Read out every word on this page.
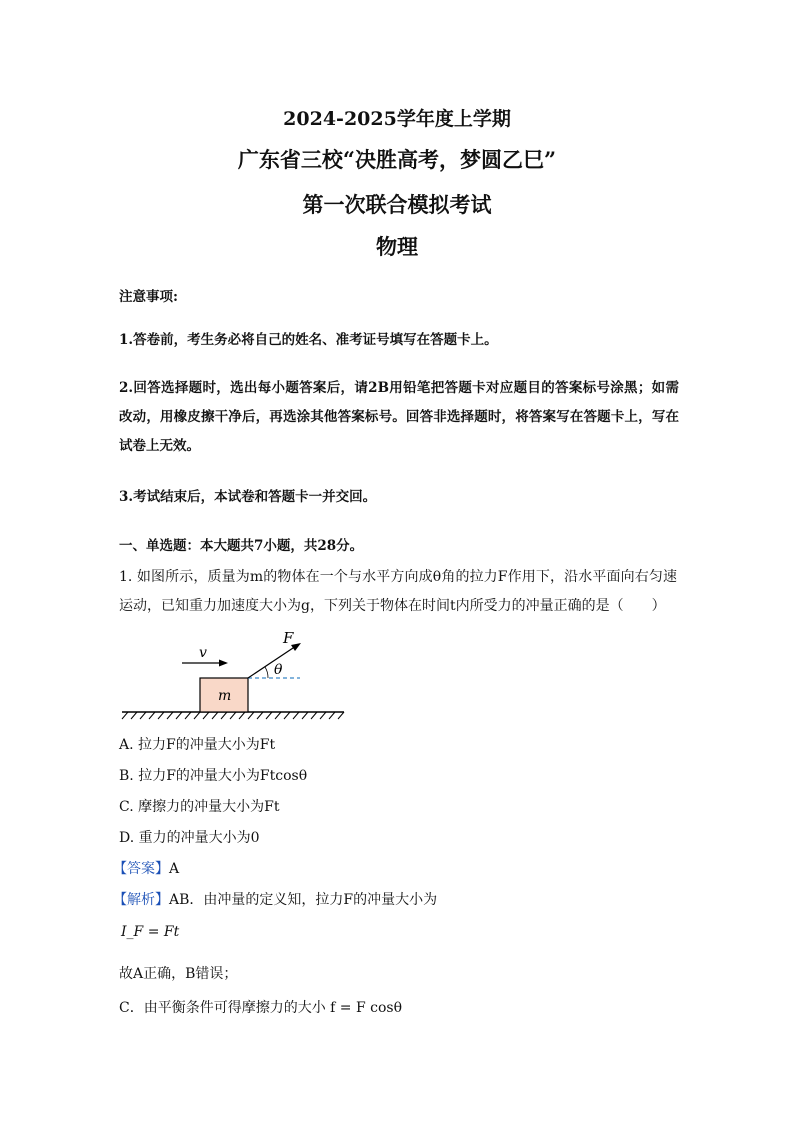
2024-2025学年度上学期
广东省三校“决胜高考，梦圆乙巳”
第一次联合模拟考试
物理
注意事项:
1.答卷前，考生务必将自己的姓名、准考证号填写在答题卡上。
2.回答选择题时，选出每小题答案后，请2B用铅笔把答题卡对应题目的答案标号涂黑；如需改动，用橡皮擦干净后，再选涂其他答案标号。回答非选择题时，将答案写在答题卡上，写在试卷上无效。
3.考试结束后，本试卷和答题卡一并交回。
一、单选题：本大题共7小题，共28分。
1. 如图所示，质量为m的物体在一个与水平方向成θ角的拉力F作用下，沿水平面向右匀速运动，已知重力加速度大小为g，下列关于物体在时间t内所受力的冲量正确的是（　　）
m
v
F
θ
A. 拉力F的冲量大小为Ft
B. 拉力F的冲量大小为Ftcosθ
C. 摩擦力的冲量大小为Ft
D. 重力的冲量大小为0
【答案】A
【解析】AB．由冲量的定义知，拉力F的冲量大小为
I_F = Ft
故A正确，B错误；
C．由平衡条件可得摩擦力的大小 f = F cosθ
